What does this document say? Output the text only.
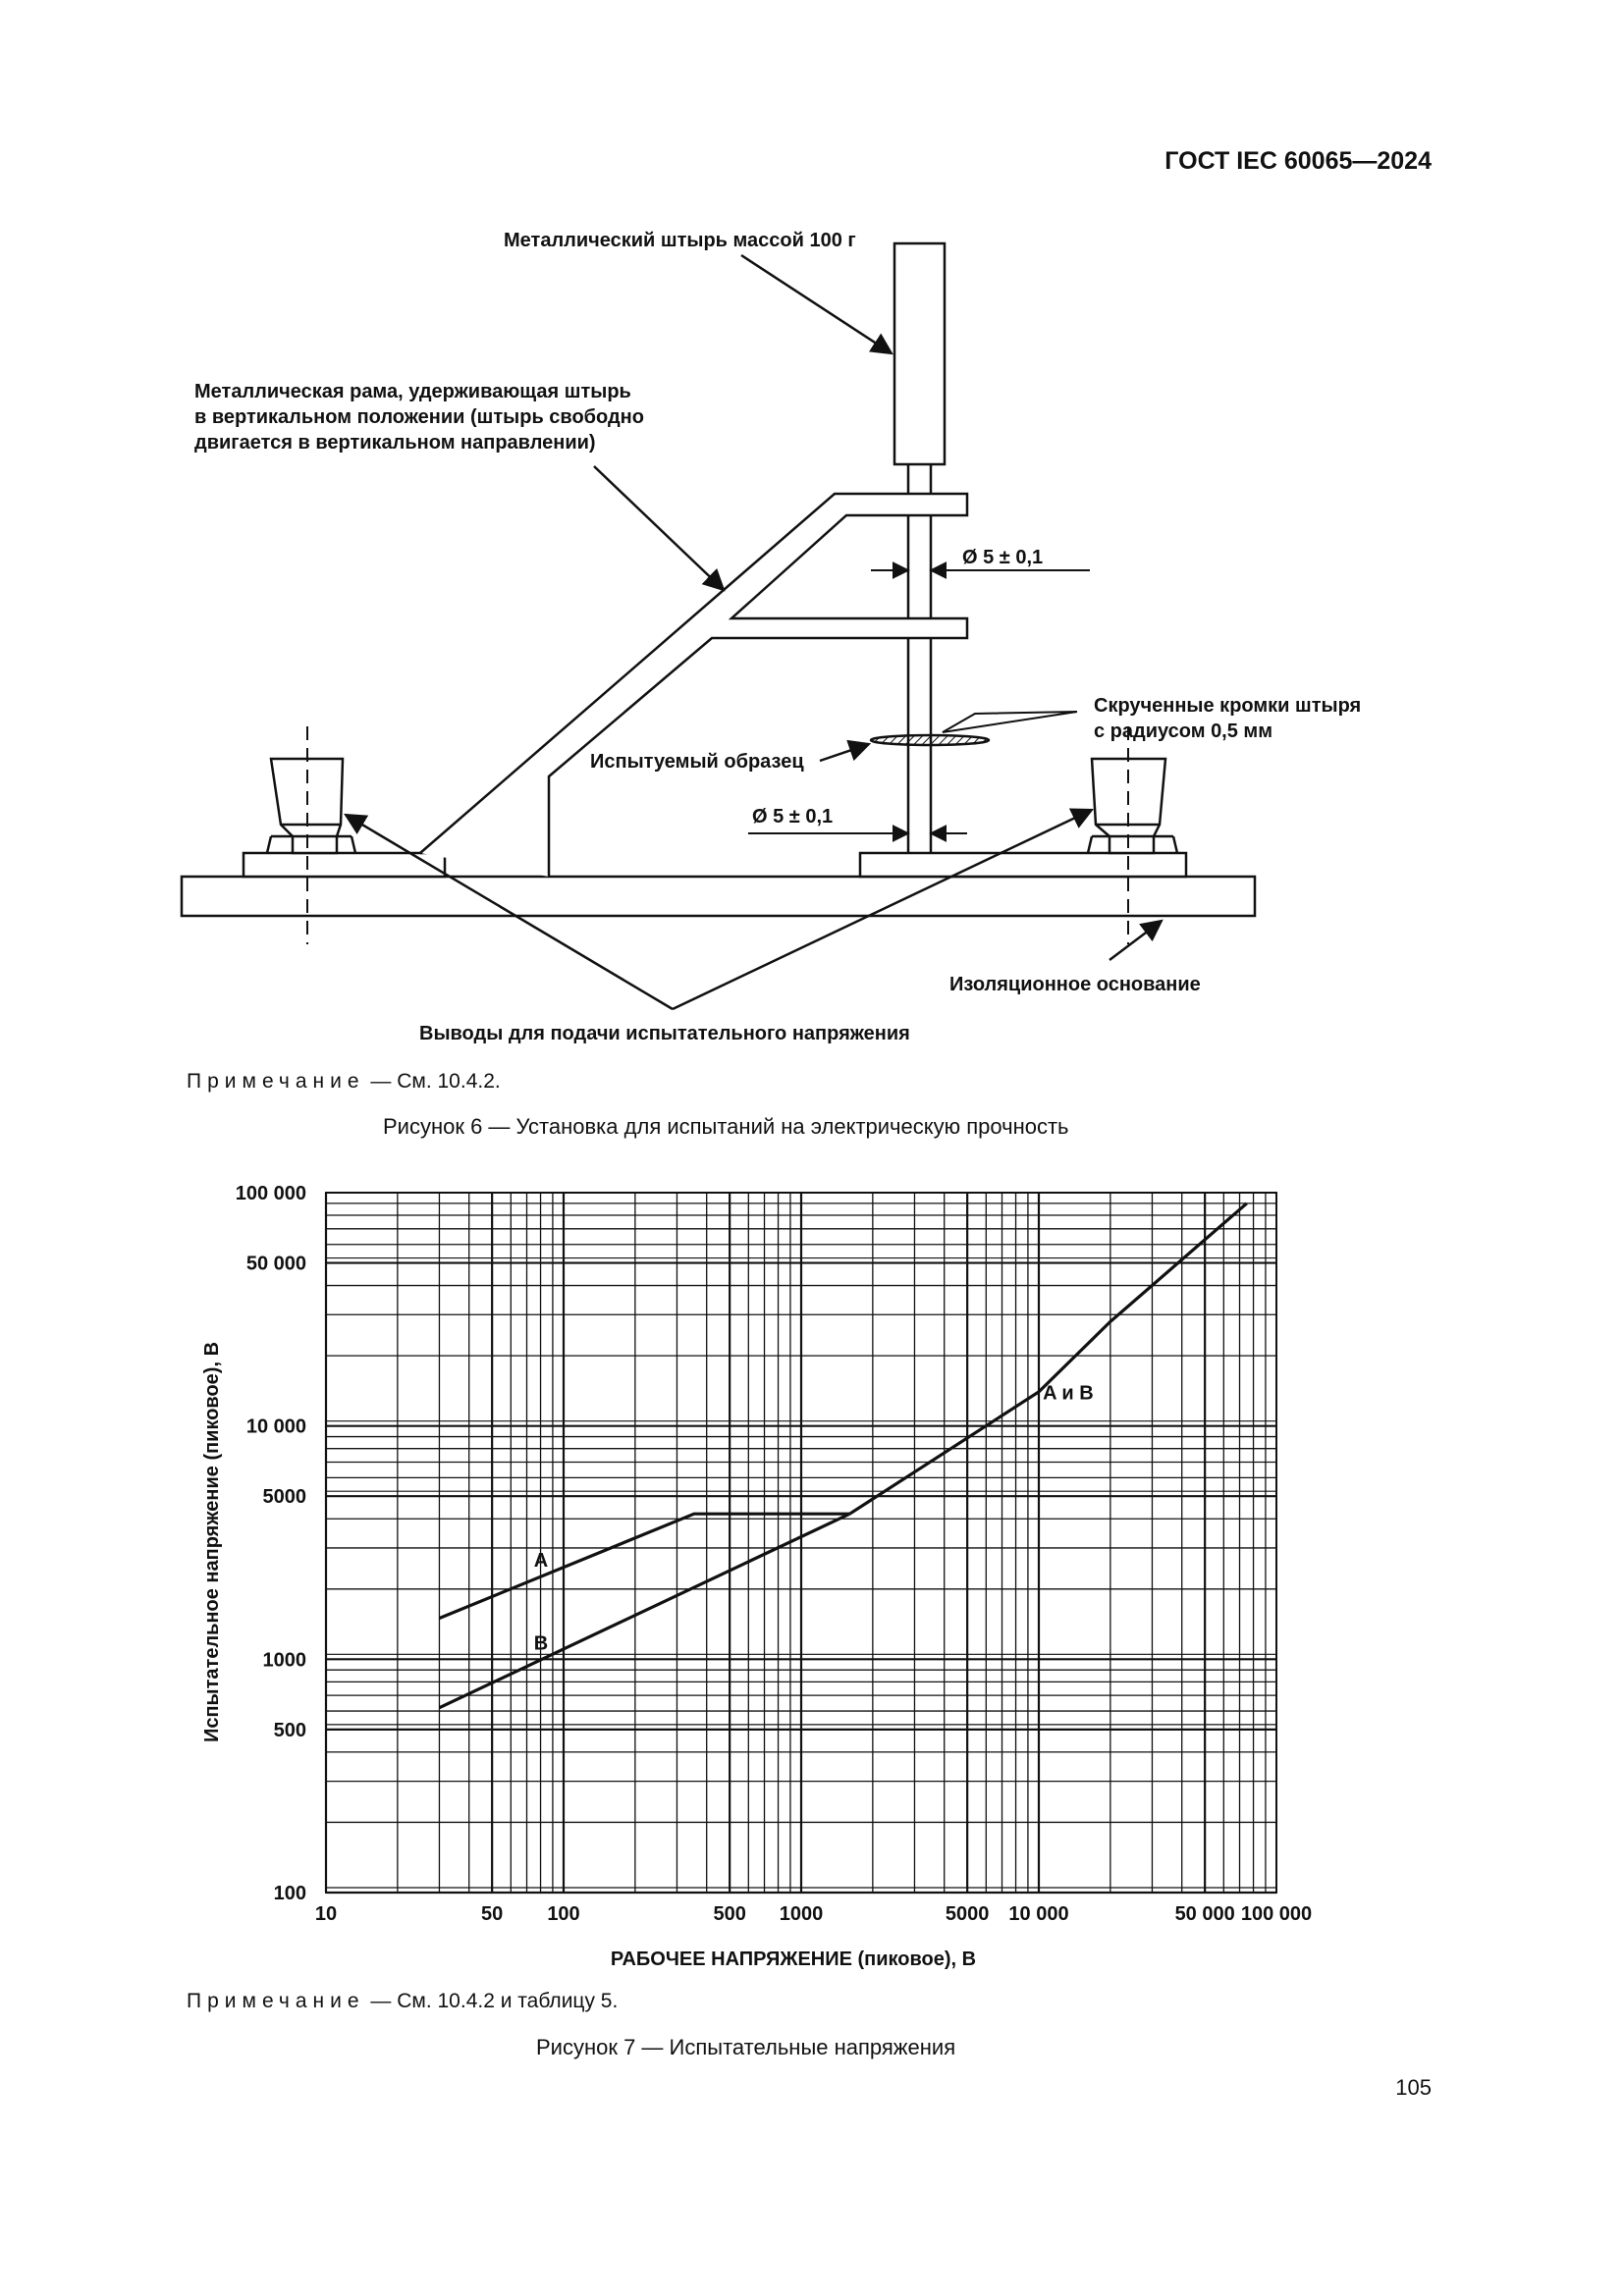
ГОСТ IEC 60065—2024
Металлический штырь массой 100 г
Металлическая рама, удерживающая штырь
в вертикальном положении (штырь свободно
двигается в вертикальном направлении)
Ø 5 ± 0,1
Скрученные кромки штыря
с радиусом 0,5 мм
Испытуемый образец
Ø 5 ± 0,1
Изоляционное основание
Выводы для подачи испытательного напряжения
Примечание — См. 10.4.2.
Рисунок 6 — Установка для испытаний на электрическую прочность
10	50 100	500 1000	5000 10 000	50 000 100 000
100
500
1000
5000
10 000
50 000
100 000
A
B
A и B
РАБОЧЕЕ НАПРЯЖЕНИЕ (пиковое), В
Испытательное напряжение (пиковое), В
Примечание — См. 10.4.2 и таблицу 5.
Рисунок 7 — Испытательные напряжения
105
